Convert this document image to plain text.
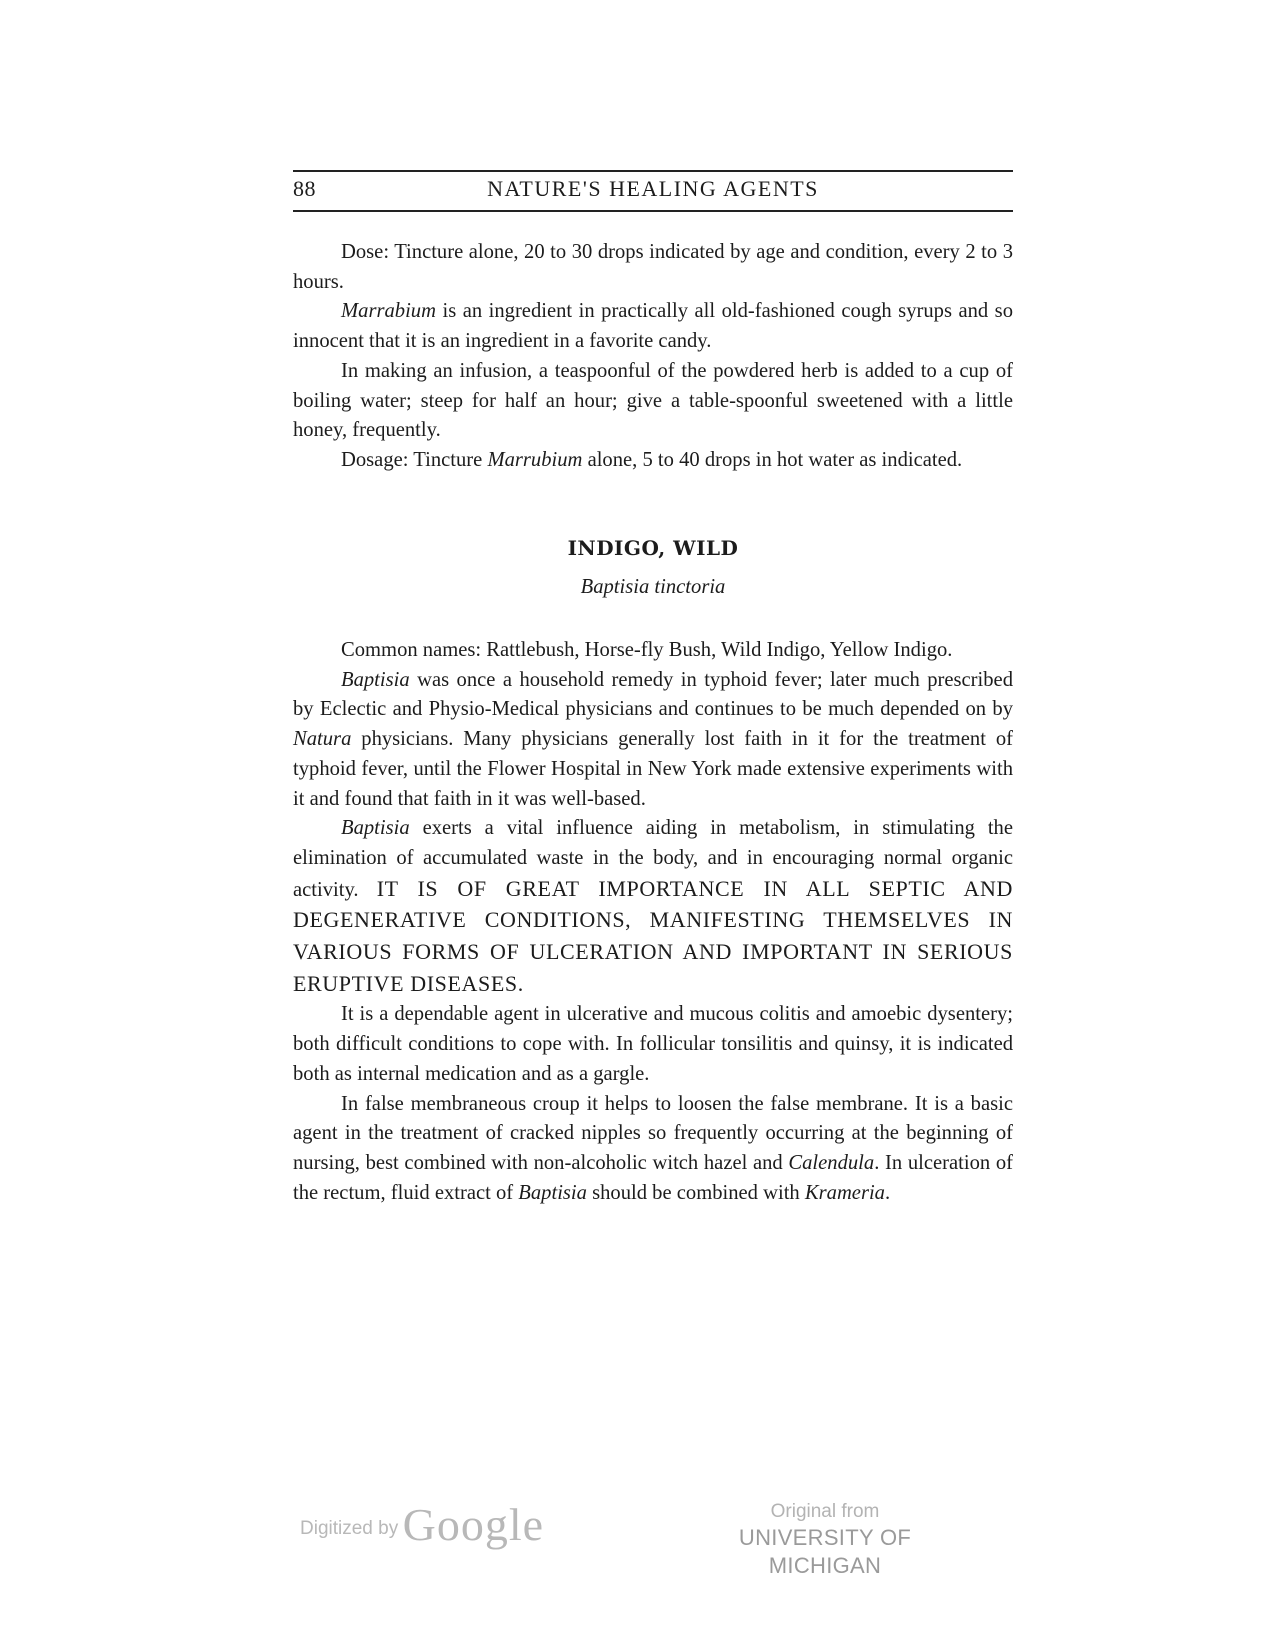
88	NATURE'S HEALING AGENTS

Dose: Tincture alone, 20 to 30 drops indicated by age and condition, every 2 to 3 hours.

Marrabium is an ingredient in practically all old-fashioned cough syrups and so innocent that it is an ingredient in a favorite candy.

In making an infusion, a teaspoonful of the powdered herb is added to a cup of boiling water; steep for half an hour; give a table-spoonful sweetened with a little honey, frequently.

Dosage: Tincture Marrubium alone, 5 to 40 drops in hot water as indicated.

INDIGO, WILD
Baptisia tinctoria

Common names: Rattlebush, Horse-fly Bush, Wild Indigo, Yellow Indigo.

Baptisia was once a household remedy in typhoid fever; later much prescribed by Eclectic and Physio-Medical physicians and continues to be much depended on by Natura physicians. Many physicians generally lost faith in it for the treatment of typhoid fever, until the Flower Hospital in New York made extensive experiments with it and found that faith in it was well-based.

Baptisia exerts a vital influence aiding in metabolism, in stimulating the elimination of accumulated waste in the body, and in encouraging normal organic activity. IT IS OF GREAT IMPORTANCE IN ALL SEPTIC AND DEGENERATIVE CONDITIONS, MANIFESTING THEMSELVES IN VARIOUS FORMS OF ULCERATION AND IMPORTANT IN SERIOUS ERUPTIVE DISEASES.

It is a dependable agent in ulcerative and mucous colitis and amoebic dysentery; both difficult conditions to cope with. In follicular tonsilitis and quinsy, it is indicated both as internal medication and as a gargle.

In false membraneous croup it helps to loosen the false membrane. It is a basic agent in the treatment of cracked nipples so frequently occurring at the beginning of nursing, best combined with non-alcoholic witch hazel and Calendula. In ulceration of the rectum, fluid extract of Baptisia should be combined with Krameria.

Digitized by Google	Original from
UNIVERSITY OF MICHIGAN
